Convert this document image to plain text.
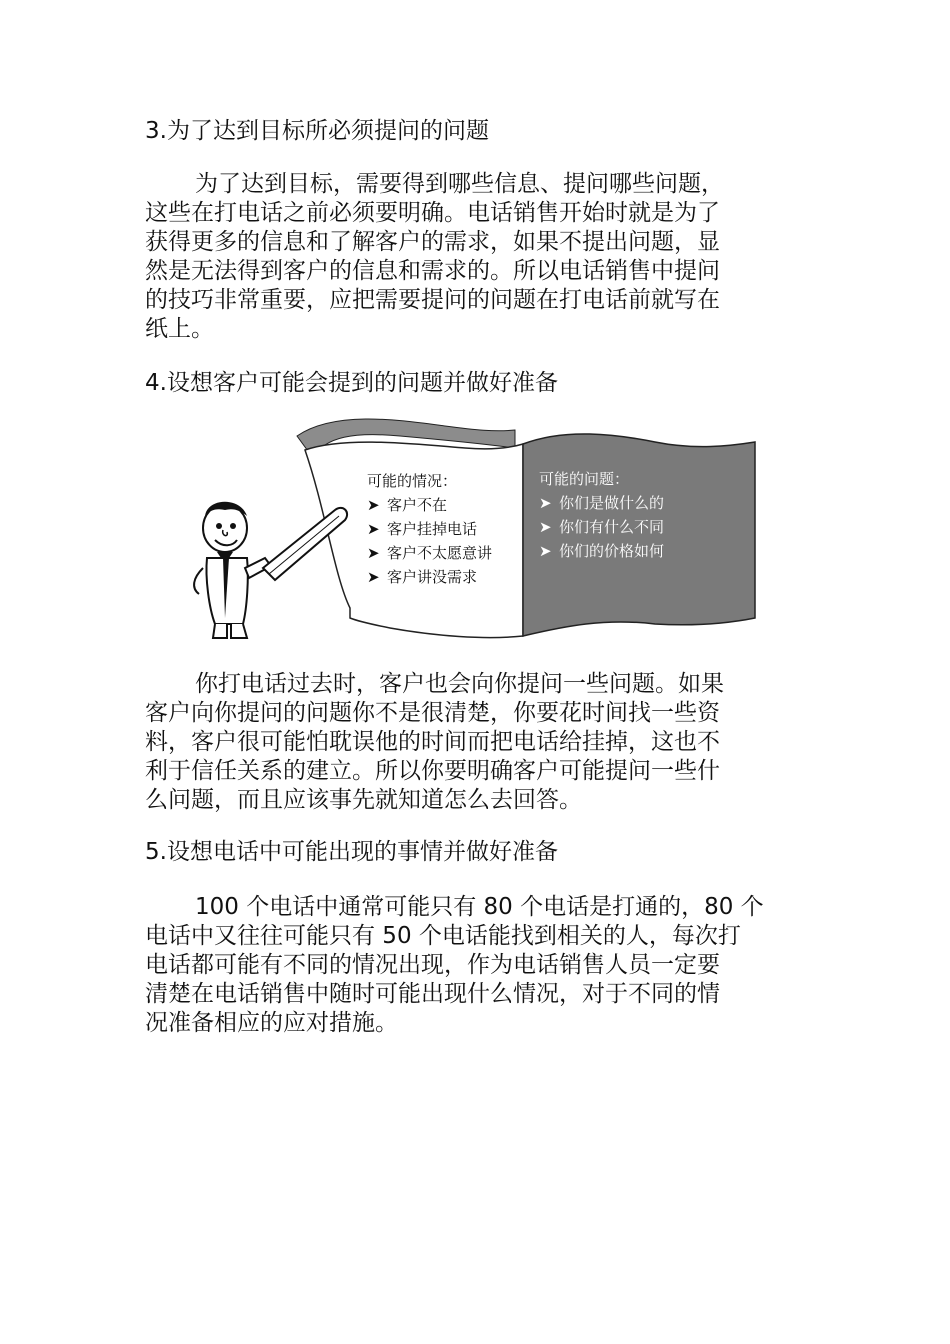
3.为了达到目标所必须提问的问题
为了达到目标，需要得到哪些信息、提问哪些问题，
这些在打电话之前必须要明确。电话销售开始时就是为了
获得更多的信息和了解客户的需求，如果不提出问题，显
然是无法得到客户的信息和需求的。所以电话销售中提问
的技巧非常重要，应把需要提问的问题在打电话前就写在
纸上。
4.设想客户可能会提到的问题并做好准备
可能的情况：
➤ 客户不在
➤ 客户挂掉电话
➤ 客户不太愿意讲
➤ 客户讲没需求
可能的问题：
➤ 你们是做什么的
➤ 你们有什么不同
➤ 你们的价格如何
你打电话过去时，客户也会向你提问一些问题。如果
客户向你提问的问题你不是很清楚，你要花时间找一些资
料，客户很可能怕耽误他的时间而把电话给挂掉，这也不
利于信任关系的建立。所以你要明确客户可能提问一些什
么问题，而且应该事先就知道怎么去回答。
5.设想电话中可能出现的事情并做好准备
100 个电话中通常可能只有 80 个电话是打通的，80 个
电话中又往往可能只有 50 个电话能找到相关的人，每次打
电话都可能有不同的情况出现，作为电话销售人员一定要
清楚在电话销售中随时可能出现什么情况，对于不同的情
况准备相应的应对措施。
